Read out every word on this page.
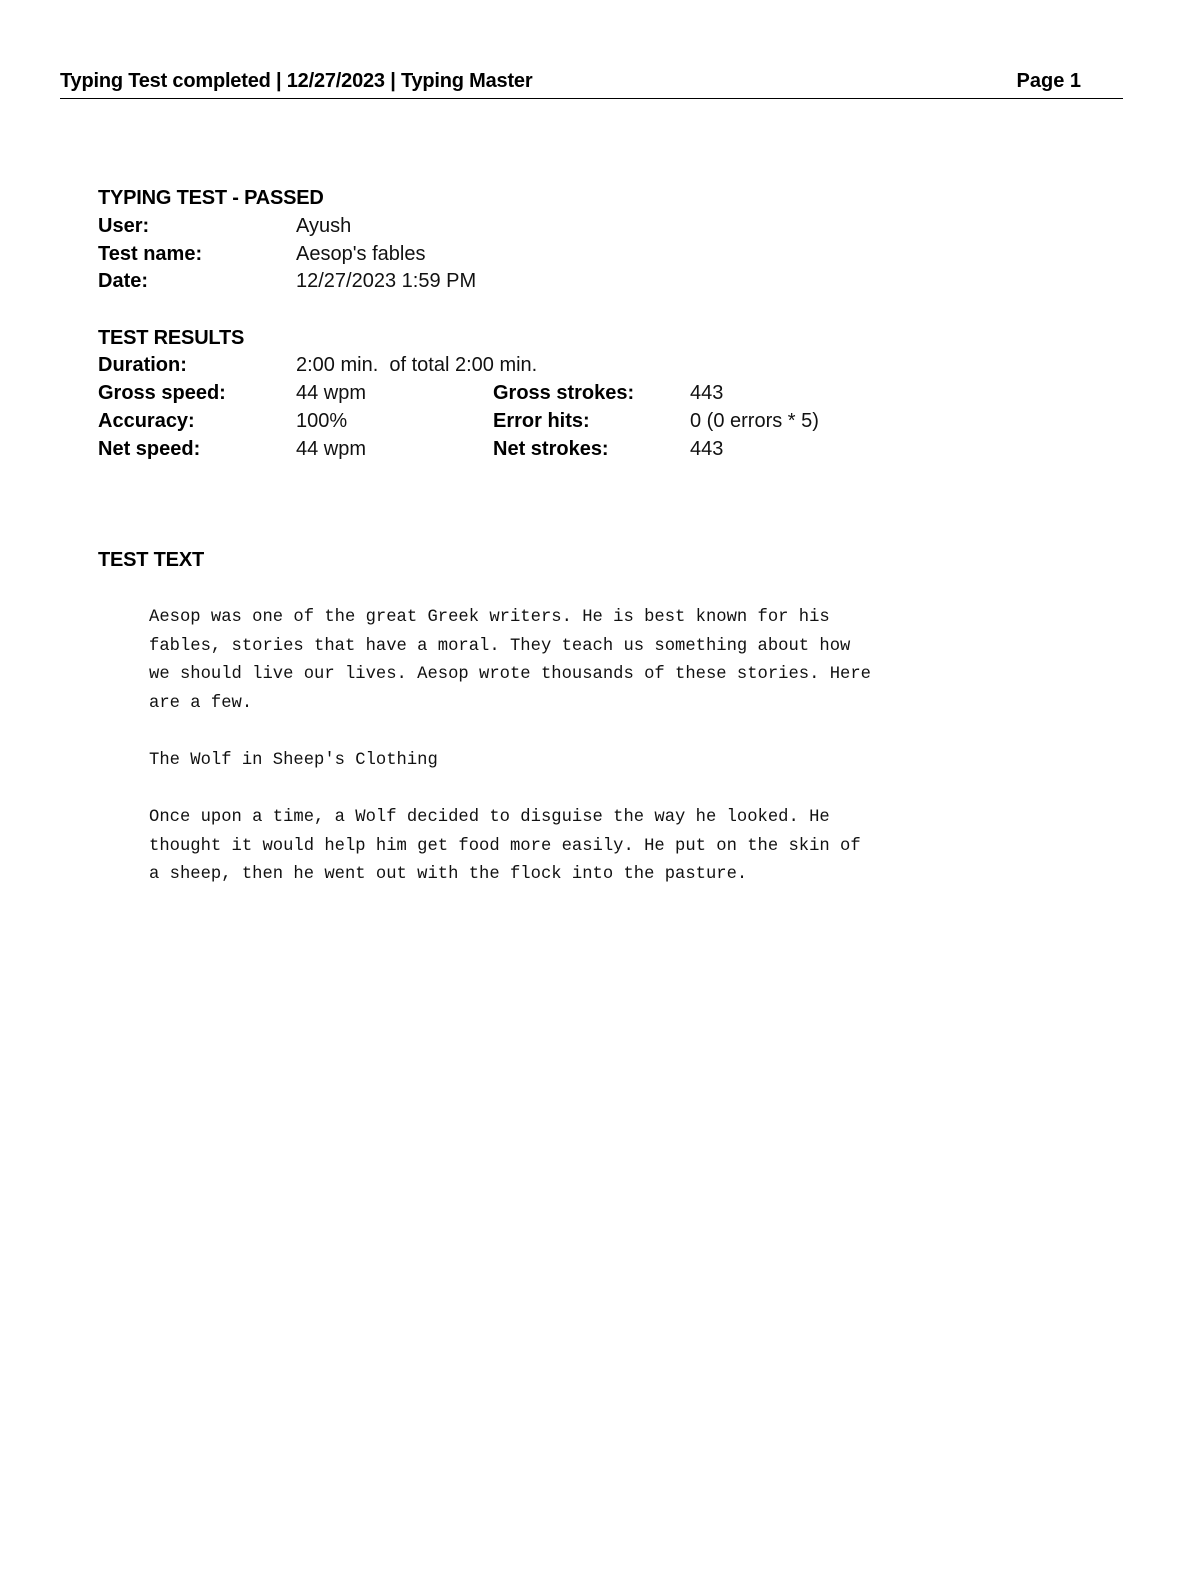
Typing Test completed | 12/27/2023 | Typing Master	Page 1
TYPING TEST - PASSED
User:	Ayush
Test name:	Aesop's fables
Date:	12/27/2023 1:59 PM
TEST RESULTS
Duration:	2:00 min.  of total 2:00 min.
Gross speed:	44 wpm	Gross strokes:	443
Accuracy:	100%	Error hits:	0 (0 errors * 5)
Net speed:	44 wpm	Net strokes:	443
TEST TEXT

Aesop was one of the great Greek writers. He is best known for his
fables, stories that have a moral. They teach us something about how
we should live our lives. Aesop wrote thousands of these stories. Here
are a few.

The Wolf in Sheep's Clothing

Once upon a time, a Wolf decided to disguise the way he looked. He
thought it would help him get food more easily. He put on the skin of
a sheep, then he went out with the flock into the pasture.
